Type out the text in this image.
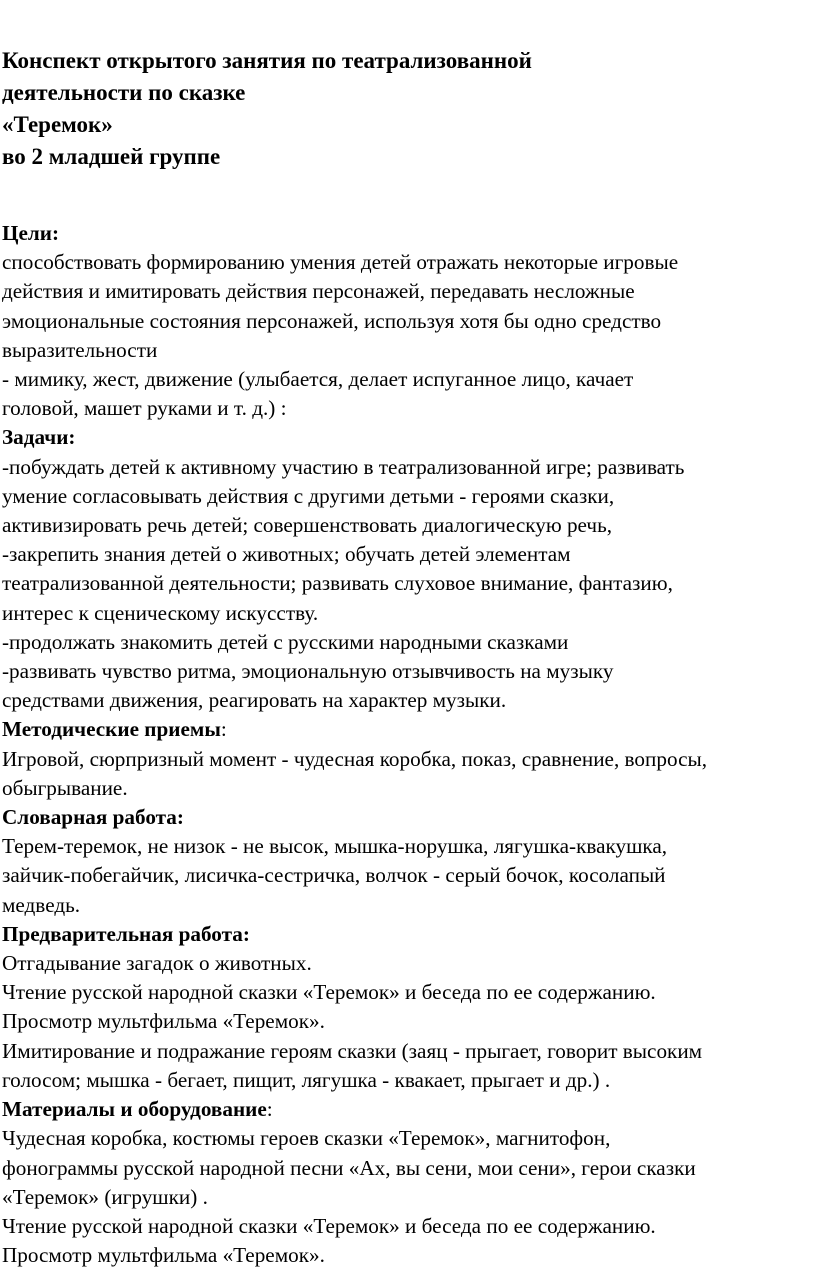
Конспект открытого занятия по театрализованной
деятельности по сказке
«Теремок»
во 2 младшей группе
Цели:
способствовать формированию умения детей отражать некоторые игровые
действия и имитировать действия персонажей, передавать несложные
эмоциональные состояния персонажей, используя хотя бы одно средство
выразительности
- мимику, жест, движение (улыбается, делает испуганное лицо, качает
головой, машет руками и т. д.) :
Задачи:
-побуждать детей к активному участию в театрализованной игре; развивать
умение согласовывать действия с другими детьми - героями сказки,
активизировать речь детей; совершенствовать диалогическую речь,
-закрепить знания детей о животных; обучать детей элементам
театрализованной деятельности; развивать слуховое внимание, фантазию,
интерес к сценическому искусству.
-продолжать знакомить детей с русскими народными сказками
-развивать чувство ритма, эмоциональную отзывчивость на музыку
средствами движения, реагировать на характер музыки.
Методические приемы:
Игровой, сюрпризный момент - чудесная коробка, показ, сравнение, вопросы,
обыгрывание.
Словарная работа:
Терем-теремок, не низок - не высок, мышка-норушка, лягушка-квакушка,
зайчик-побегайчик, лисичка-сестричка, волчок - серый бочок, косолапый
медведь.
Предварительная работа:
Отгадывание загадок о животных.
Чтение русской народной сказки «Теремок» и беседа по ее содержанию.
Просмотр мультфильма «Теремок».
Имитирование и подражание героям сказки (заяц - прыгает, говорит высоким
голосом; мышка - бегает, пищит, лягушка - квакает, прыгает и др.) .
Материалы и оборудование:
Чудесная коробка, костюмы героев сказки «Теремок», магнитофон,
фонограммы русской народной песни «Ах, вы сени, мои сени», герои сказки
«Теремок» (игрушки) .
Чтение русской народной сказки «Теремок» и беседа по ее содержанию.
Просмотр мультфильма «Теремок».
